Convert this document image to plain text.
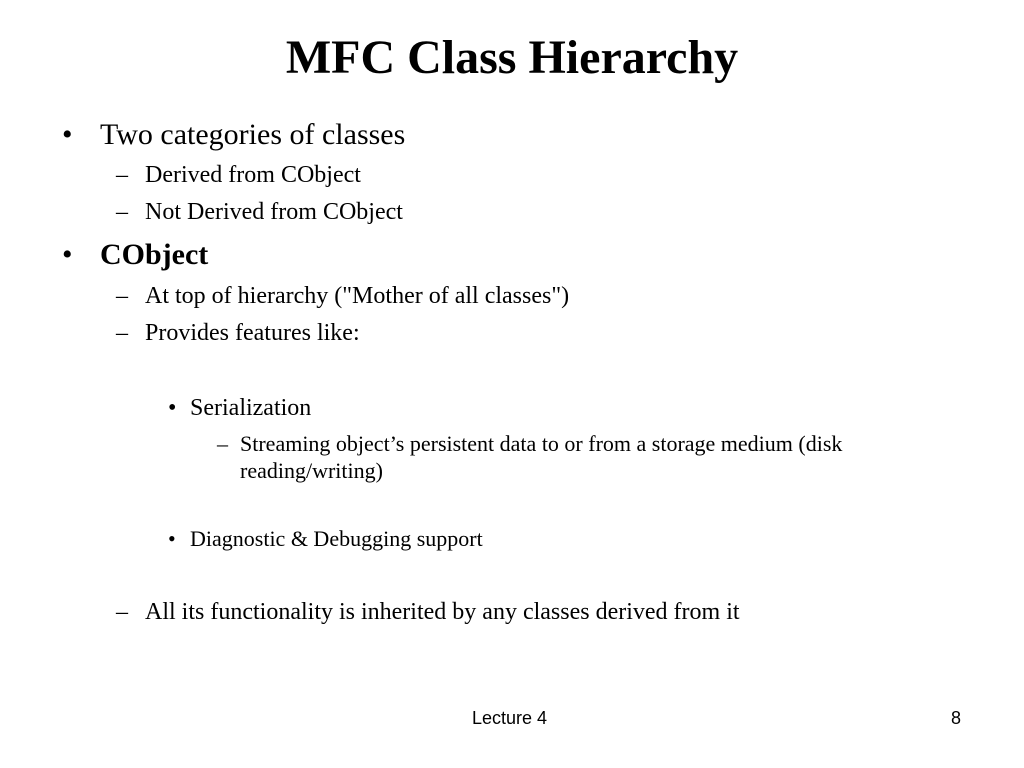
MFC Class Hierarchy
• Two categories of classes
– Derived from CObject
– Not Derived from CObject
• CObject
– At top of hierarchy ("Mother of all classes")
– Provides features like:
• Serialization
– Streaming object’s persistent data to or from a storage medium (disk
reading/writing)
• Diagnostic & Debugging support
– All its functionality is inherited by any classes derived from it
Lecture 4	8
